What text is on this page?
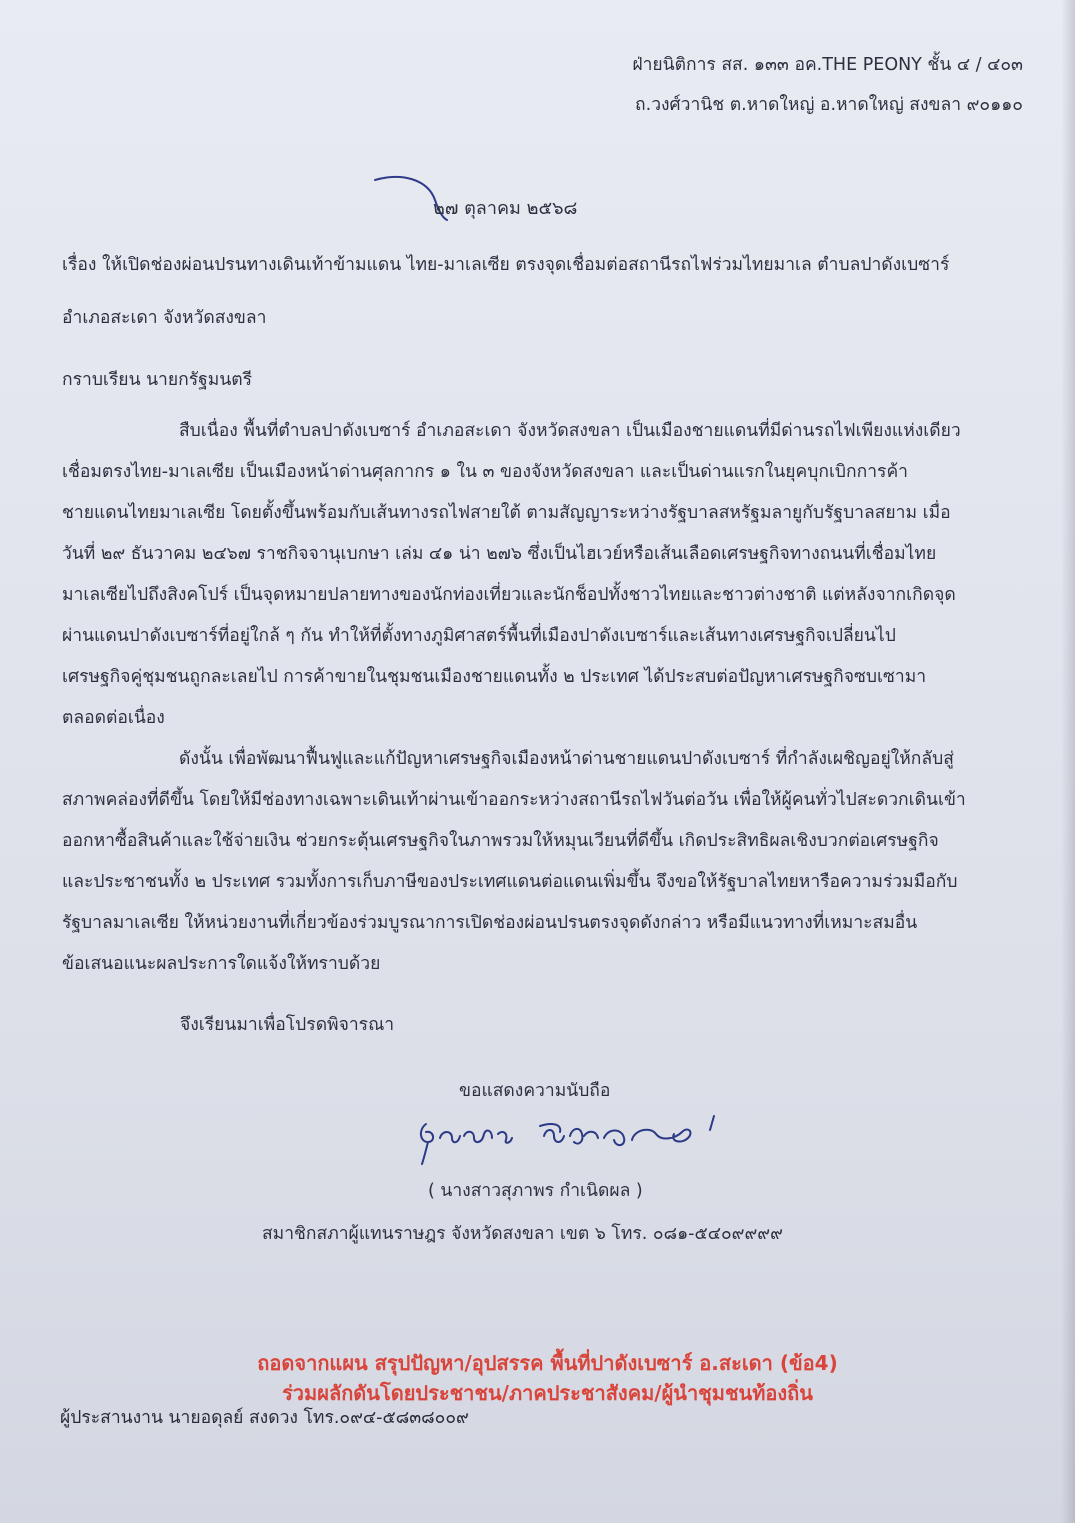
ฝ่ายนิติการ สส. ๑๓๓ อค.THE PEONY ชั้น ๔ / ๔๐๓
ถ.วงศ์วานิช ต.หาดใหญ่ อ.หาดใหญ่ สงขลา ๙๐๑๑๐
๒๗ ตุลาคม ๒๕๖๘
เรื่อง ให้เปิดช่องผ่อนปรนทางเดินเท้าข้ามแดน ไทย-มาเลเซีย ตรงจุดเชื่อมต่อสถานีรถไฟร่วมไทยมาเล ตำบลปาดังเบซาร์
อำเภอสะเดา จังหวัดสงขลา
กราบเรียน นายกรัฐมนตรี
สืบเนื่อง พื้นที่ตำบลปาดังเบซาร์ อำเภอสะเดา จังหวัดสงขลา เป็นเมืองชายแดนที่มีด่านรถไฟเพียงแห่งเดียว
เชื่อมตรงไทย-มาเลเซีย เป็นเมืองหน้าด่านศุลกากร ๑ ใน ๓ ของจังหวัดสงขลา และเป็นด่านแรกในยุคบุกเบิกการค้า
ชายแดนไทยมาเลเซีย โดยตั้งขึ้นพร้อมกับเส้นทางรถไฟสายใต้ ตามสัญญาระหว่างรัฐบาลสหรัฐมลายูกับรัฐบาลสยาม เมื่อ
วันที่ ๒๙ ธันวาคม ๒๔๖๗ ราชกิจจานุเบกษา เล่ม ๔๑ น่า ๒๗๖ ซึ่งเป็นไฮเวย์หรือเส้นเลือดเศรษฐกิจทางถนนที่เชื่อมไทย
มาเลเซียไปถึงสิงคโปร์ เป็นจุดหมายปลายทางของนักท่องเที่ยวและนักช็อปทั้งชาวไทยและชาวต่างชาติ แต่หลังจากเกิดจุด
ผ่านแดนปาดังเบซาร์ที่อยู่ใกล้ ๆ กัน ทำให้ที่ตั้งทางภูมิศาสตร์พื้นที่เมืองปาดังเบซาร์และเส้นทางเศรษฐกิจเปลี่ยนไป
เศรษฐกิจคู่ชุมชนถูกละเลยไป การค้าขายในชุมชนเมืองชายแดนทั้ง ๒ ประเทศ ได้ประสบต่อปัญหาเศรษฐกิจซบเซามา
ตลอดต่อเนื่อง
ดังนั้น เพื่อพัฒนาฟื้นฟูและแก้ปัญหาเศรษฐกิจเมืองหน้าด่านชายแดนปาดังเบซาร์ ที่กำลังเผชิญอยู่ให้กลับสู่
สภาพคล่องที่ดีขึ้น โดยให้มีช่องทางเฉพาะเดินเท้าผ่านเข้าออกระหว่างสถานีรถไฟวันต่อวัน เพื่อให้ผู้คนทั่วไปสะดวกเดินเข้า
ออกหาซื้อสินค้าและใช้จ่ายเงิน ช่วยกระตุ้นเศรษฐกิจในภาพรวมให้หมุนเวียนที่ดีขึ้น เกิดประสิทธิผลเชิงบวกต่อเศรษฐกิจ
และประชาชนทั้ง ๒ ประเทศ รวมทั้งการเก็บภาษีของประเทศแดนต่อแดนเพิ่มขึ้น จึงขอให้รัฐบาลไทยหารือความร่วมมือกับ
รัฐบาลมาเลเซีย ให้หน่วยงานที่เกี่ยวข้องร่วมบูรณาการเปิดช่องผ่อนปรนตรงจุดดังกล่าว หรือมีแนวทางที่เหมาะสมอื่น
ข้อเสนอแนะผลประการใดแจ้งให้ทราบด้วย
จึงเรียนมาเพื่อโปรดพิจารณา
ขอแสดงความนับถือ
( นางสาวสุภาพร กำเนิดผล )
สมาชิกสภาผู้แทนราษฎร จังหวัดสงขลา เขต ๖ โทร. ๐๘๑-๕๔๐๙๙๙๙
ถอดจากแผน สรุปปัญหา/อุปสรรค พื้นที่ปาดังเบซาร์ อ.สะเดา (ข้อ4)
ร่วมผลักดันโดยประชาชน/ภาคประชาสังคม/ผู้นำชุมชนท้องถิ่น
ผู้ประสานงาน นายอดุลย์ สงดวง โทร.๐๙๔-๕๘๓๘๐๐๙
